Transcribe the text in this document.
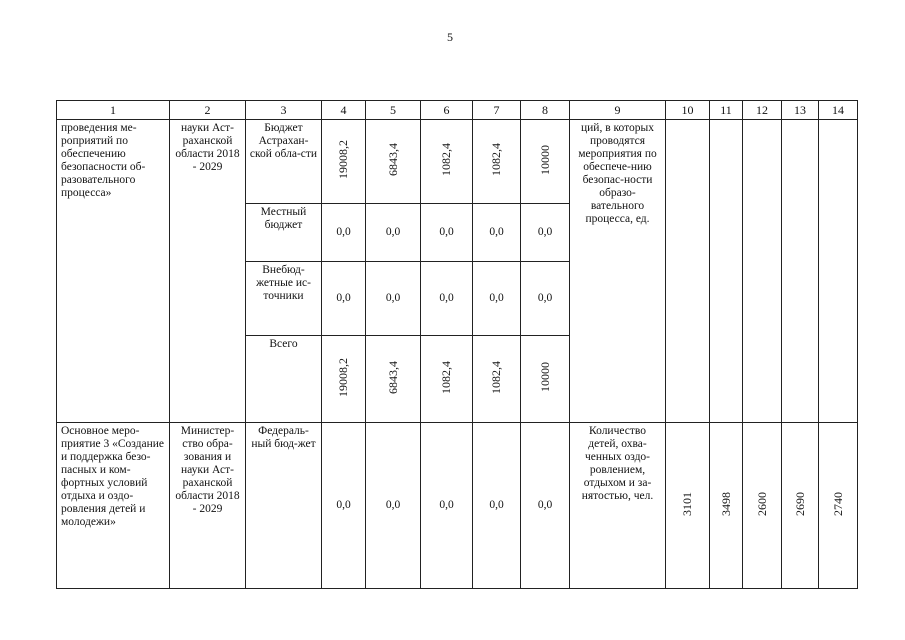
5
1	2	3	4	5	6	7	8	9	10	11	12	13	14
проведения ме-роприятий по обеспечению безопасности об-разовательного процесса»	науки Аст-раханской области 2018 - 2029	Бюджет Астрахан-ской обла-сти	19008,2	6843,4	1082,4	1082,4	10000	ций, в которых проводятся мероприятия по обеспече-нию безопас-ности образо-вательного процесса, ед.					
		Местный бюджет	0,0	0,0	0,0	0,0	0,0						
		Внебюд-жетные ис-точники	0,0	0,0	0,0	0,0	0,0						
		Всего	19008,2	6843,4	1082,4	1082,4	10000						
Основное меро-приятие 3 «Создание и поддержка безо-пасных и ком-фортных условий отдыха и оздо-ровления детей и молодежи»	Министер-ство обра-зования и науки Аст-раханской области 2018 - 2029	Федераль-ный бюд-жет	0,0	0,0	0,0	0,0	0,0	Количество детей, охва-ченных оздо-ровлением, отдыхом и за-нятостью, чел.	3101	3498	2600	2690	2740
